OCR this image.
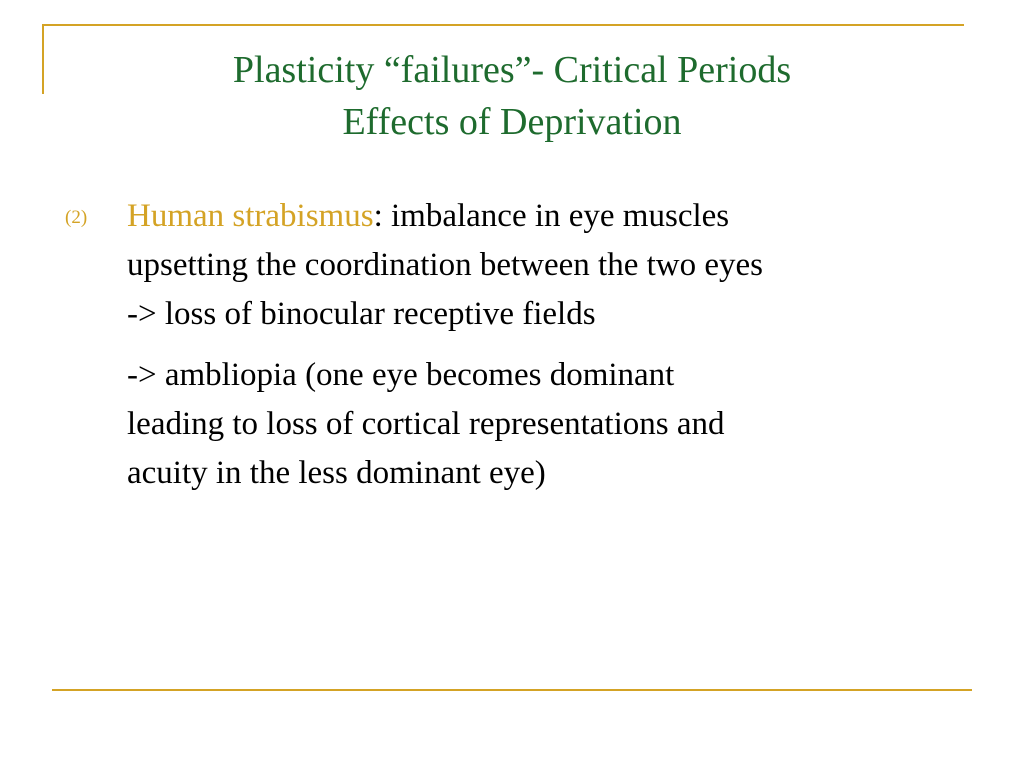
Plasticity “failures”- Critical Periods
Effects of Deprivation
(2) Human strabismus: imbalance in eye muscles
upsetting the coordination between the two eyes
-> loss of binocular receptive fields
-> ambliopia (one eye becomes dominant
leading to loss of cortical representations and
acuity in the less dominant eye)
